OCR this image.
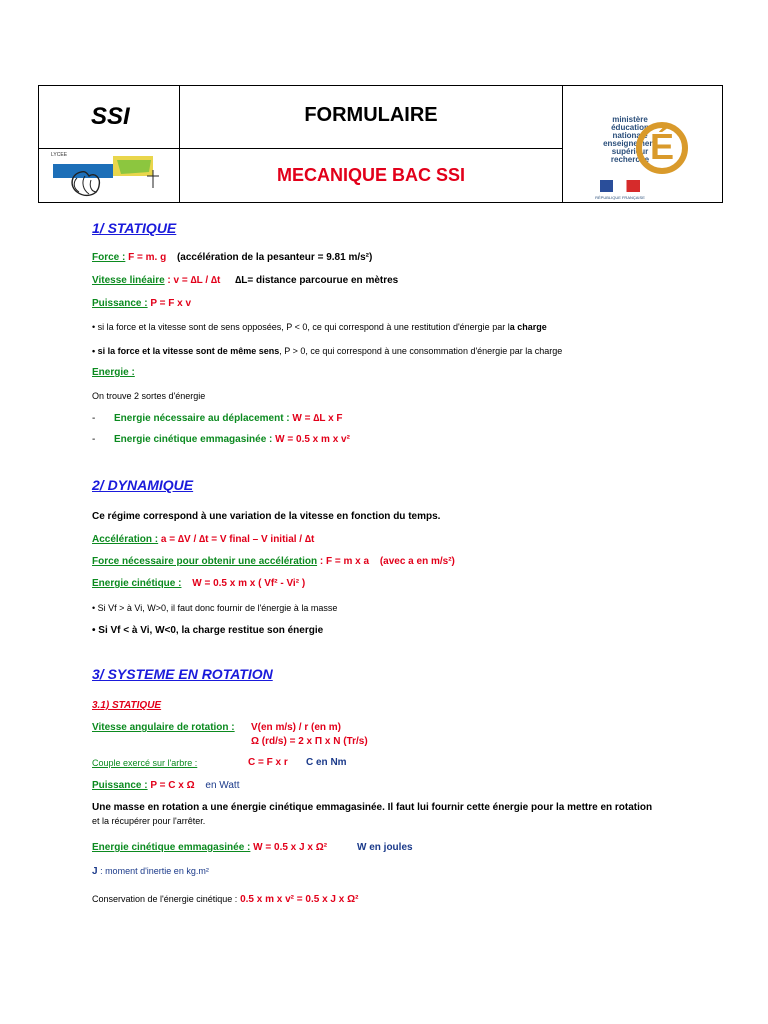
SSI	FORMULAIRE
MECANIQUE BAC SSI
LYCEE
ministère
éducation
nationale
enseignement
supérieur
recherche É
RÉPUBLIQUE FRANÇAISE
1/ STATIQUE
Force : F = m. g (accélération de la pesanteur = 9.81 m/s²)
Vitesse linéaire : v = ∆L / ∆t ∆L= distance parcourue en mètres
Puissance : P = F x v
• si la force et la vitesse sont de sens opposées, P < 0, ce qui correspond à une restitution d'énergie par la charge
• si la force et la vitesse sont de même sens, P > 0, ce qui correspond à une consommation d'énergie par la charge
Energie :
On trouve 2 sortes d'énergie
- Energie nécessaire au déplacement : W = ∆L x F
- Energie cinétique emmagasinée : W = 0.5 x m x v²
2/ DYNAMIQUE
Ce régime correspond à une variation de la vitesse en fonction du temps.
Accélération : a = ∆V / ∆t = V final – V initial / ∆t
Force nécessaire pour obtenir une accélération : F = m x a (avec a en m/s²)
Energie cinétique : W = 0.5 x m x ( Vf² - Vi² )
• Si Vf > à Vi, W>0, il faut donc fournir de l'énergie à la masse
• Si Vf < à Vi, W<0, la charge restitue son énergie
3/ SYSTEME EN ROTATION
3.1) STATIQUE
Vitesse angulaire de rotation : V(en m/s) / r (en m)
Ω (rd/s) = 2 x Π x N (Tr/s)
Couple exercé sur l'arbre :	C = F x r C en Nm
Puissance : P = C x Ω en Watt
Une masse en rotation a une énergie cinétique emmagasinée. Il faut lui fournir cette énergie pour la mettre en rotation
et la récupérer pour l'arrêter.
Energie cinétique emmagasinée : W = 0.5 x J x Ω²	W en joules
J : moment d'inertie en kg.m²
Conservation de l'énergie cinétique : 0.5 x m x v² = 0.5 x J x Ω²
